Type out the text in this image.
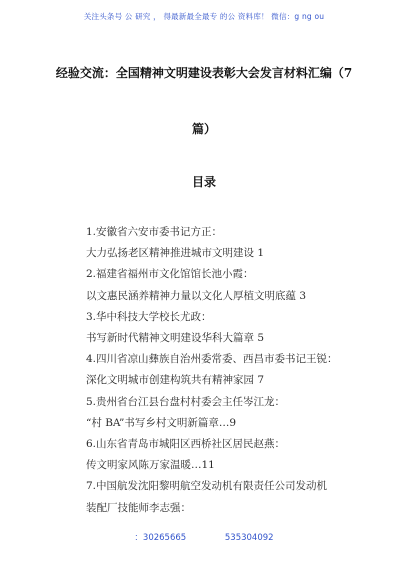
关注头条号 公 研究 ， 得最新最全最专 的公 资料库！ 微信：g ng ou
经验交流：全国精神文明建设表彰大会发言材料汇编（7
篇）
目录
1.安徽省六安市委书记方正：
大力弘扬老区精神推进城市文明建设 1
2.福建省福州市文化馆馆长池小霞：
以文惠民涵养精神力量以文化人厚植文明底蕴 3
3.华中科技大学校长尤政：
书写新时代精神文明建设华科大篇章 5
4.四川省凉山彝族自治州委常委、西昌市委书记王锐：
深化文明城市创建构筑共有精神家园 7
5.贵州省台江县台盘村村委会主任岑江龙：
“村 BA”书写乡村文明新篇章…9
6.山东省青岛市城阳区西桥社区居民赵燕：
传文明家风陈万家温暖…11
7.中国航发沈阳黎明航空发动机有限责任公司发动机
装配厂技能师李志强：
：30265665	535304092
